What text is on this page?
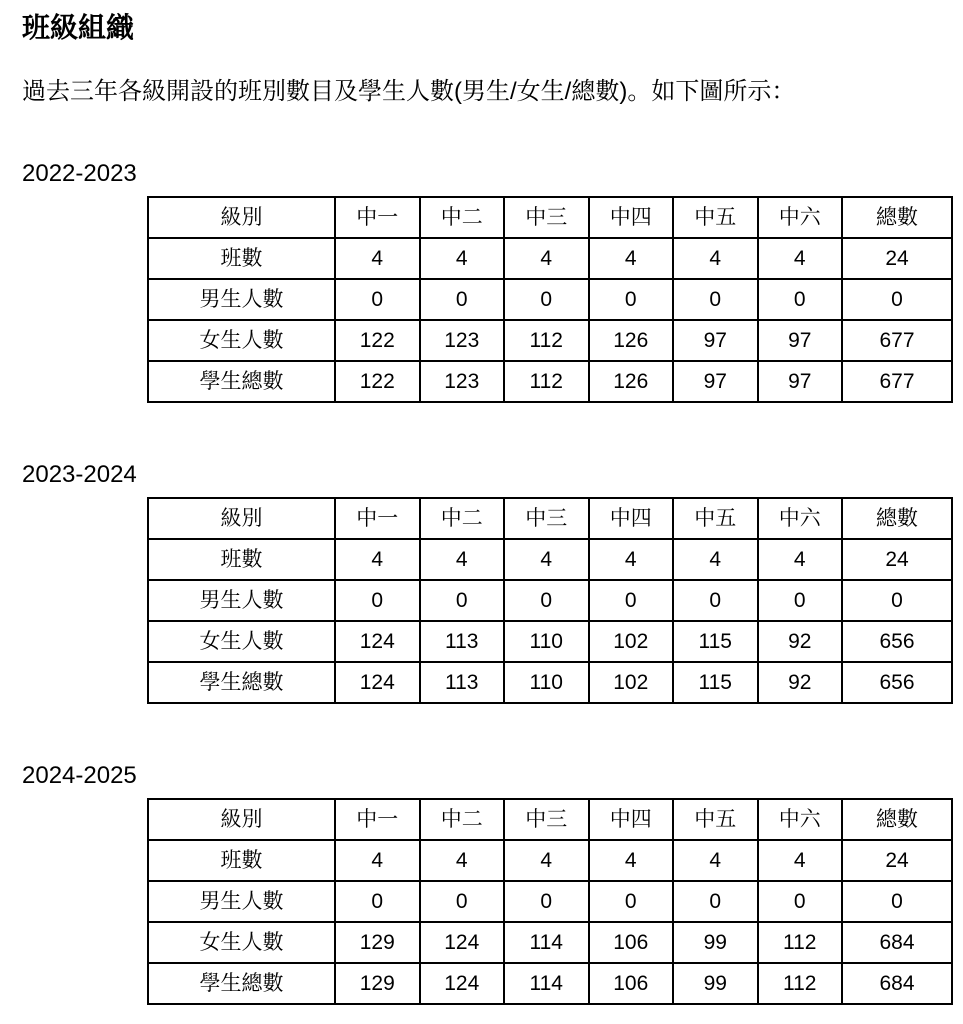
班級組織

過去三年各級開設的班別數目及學生人數(男生/女生/總數)。如下圖所示：

2022-2023
級別	中一	中二	中三	中四	中五	中六	總數
班數	4	4	4	4	4	4	24
男生人數	0	0	0	0	0	0	0
女生人數	122	123	112	126	97	97	677
學生總數	122	123	112	126	97	97	677
2023-2024
級別	中一	中二	中三	中四	中五	中六	總數
班數	4	4	4	4	4	4	24
男生人數	0	0	0	0	0	0	0
女生人數	124	113	110	102	115	92	656
學生總數	124	113	110	102	115	92	656
2024-2025
級別	中一	中二	中三	中四	中五	中六	總數
班數	4	4	4	4	4	4	24
男生人數	0	0	0	0	0	0	0
女生人數	129	124	114	106	99	112	684
學生總數	129	124	114	106	99	112	684
